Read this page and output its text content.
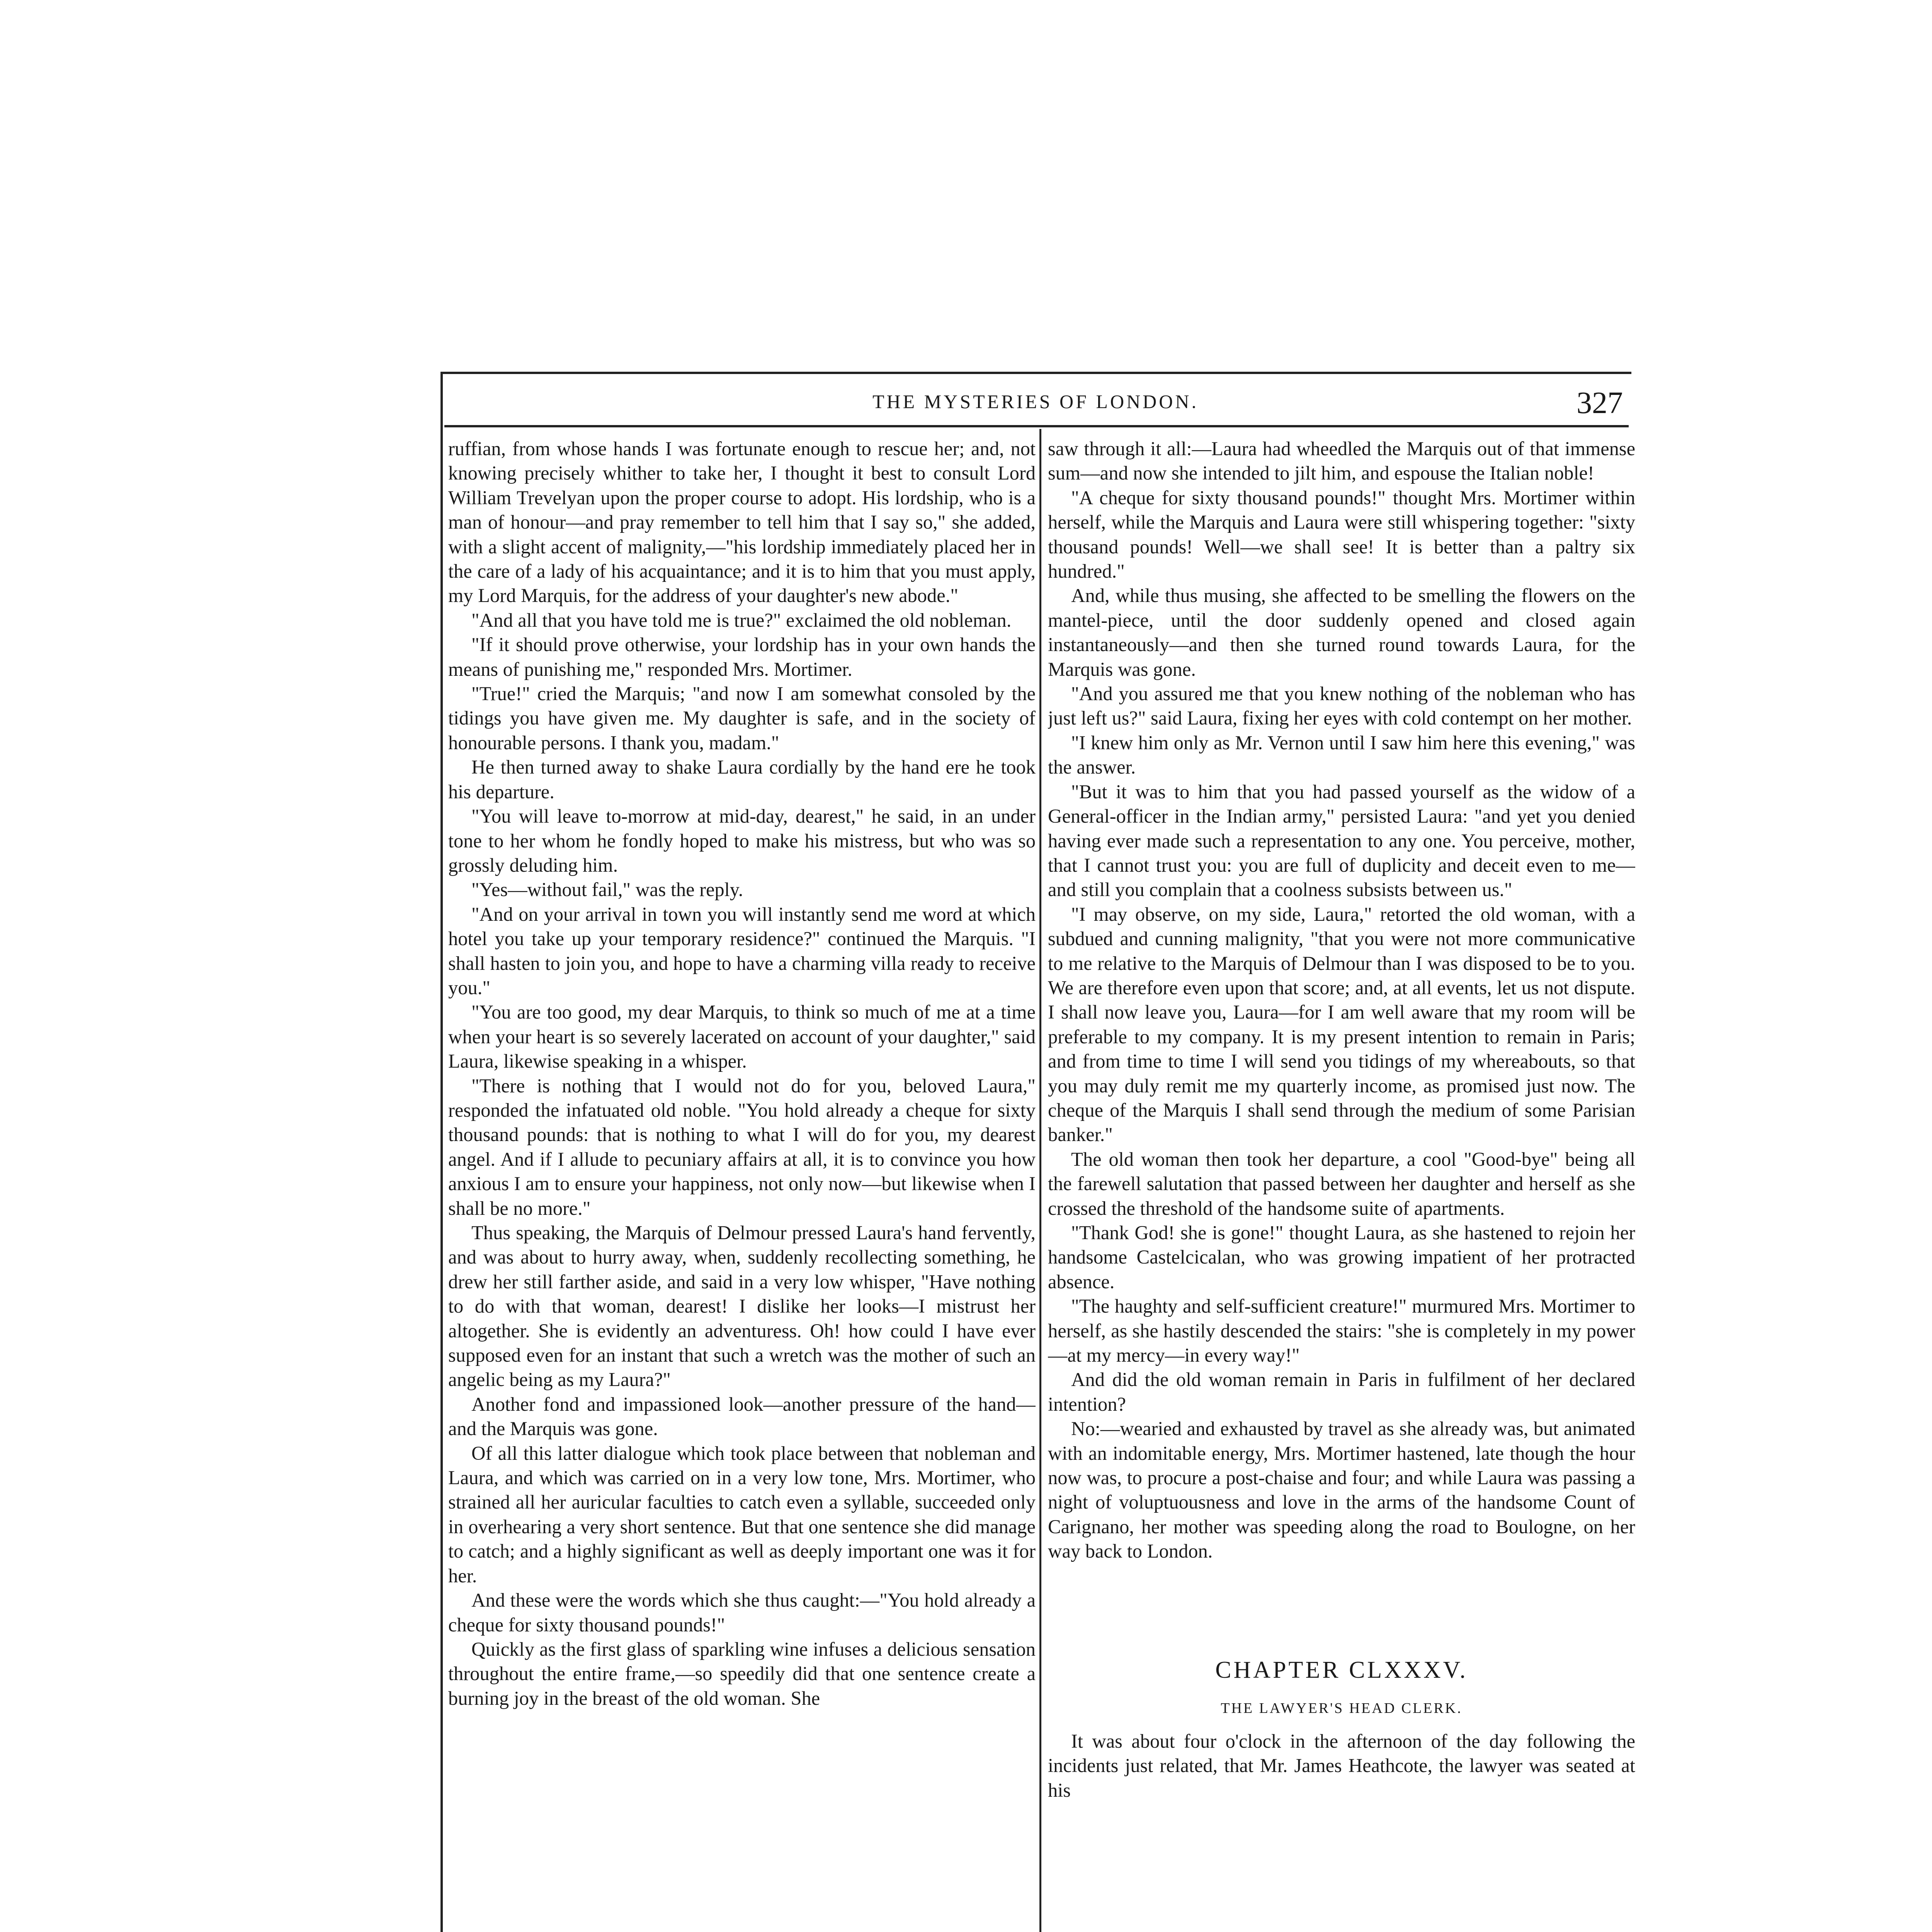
THE MYSTERIES OF LONDON.	327

ruffian, from whose hands I was fortunate enough to rescue her; and, not knowing precisely whither to take her, I thought it best to consult Lord William Trevelyan upon the proper course to adopt. His lordship, who is a man of honour—and pray remember to tell him that I say so," she added, with a slight accent of malignity,—"his lordship immediately placed her in the care of a lady of his acquaintance; and it is to him that you must apply, my Lord Marquis, for the address of your daughter's new abode."

"And all that you have told me is true?" exclaimed the old nobleman.

"If it should prove otherwise, your lordship has in your own hands the means of punishing me," responded Mrs. Mortimer.

"True!" cried the Marquis; "and now I am somewhat consoled by the tidings you have given me. My daughter is safe, and in the society of honourable persons. I thank you, madam."

He then turned away to shake Laura cordially by the hand ere he took his departure.

"You will leave to-morrow at mid-day, dearest," he said, in an under tone to her whom he fondly hoped to make his mistress, but who was so grossly deluding him.

"Yes—without fail," was the reply.

"And on your arrival in town you will instantly send me word at which hotel you take up your temporary residence?" continued the Marquis. "I shall hasten to join you, and hope to have a charming villa ready to receive you."

"You are too good, my dear Marquis, to think so much of me at a time when your heart is so severely lacerated on account of your daughter," said Laura, likewise speaking in a whisper.

"There is nothing that I would not do for you, beloved Laura," responded the infatuated old noble. "You hold already a cheque for sixty thousand pounds: that is nothing to what I will do for you, my dearest angel. And if I allude to pecuniary affairs at all, it is to convince you how anxious I am to ensure your happiness, not only now—but likewise when I shall be no more."

Thus speaking, the Marquis of Delmour pressed Laura's hand fervently, and was about to hurry away, when, suddenly recollecting something, he drew her still farther aside, and said in a very low whisper, "Have nothing to do with that woman, dearest! I dislike her looks—I mistrust her altogether. She is evidently an adventuress. Oh! how could I have ever supposed even for an instant that such a wretch was the mother of such an angelic being as my Laura?"

Another fond and impassioned look—another pressure of the hand—and the Marquis was gone.

Of all this latter dialogue which took place between that nobleman and Laura, and which was carried on in a very low tone, Mrs. Mortimer, who strained all her auricular faculties to catch even a syllable, succeeded only in overhearing a very short sentence. But that one sentence she did manage to catch; and a highly significant as well as deeply important one was it for her.

And these were the words which she thus caught:—"You hold already a cheque for sixty thousand pounds!"

Quickly as the first glass of sparkling wine infuses a delicious sensation throughout the entire frame,—so speedily did that one sentence create a burning joy in the breast of the old woman. She

saw through it all:—Laura had wheedled the Marquis out of that immense sum—and now she intended to jilt him, and espouse the Italian noble!

"A cheque for sixty thousand pounds!" thought Mrs. Mortimer within herself, while the Marquis and Laura were still whispering together: "sixty thousand pounds! Well—we shall see! It is better than a paltry six hundred."

And, while thus musing, she affected to be smelling the flowers on the mantel-piece, until the door suddenly opened and closed again instantaneously—and then she turned round towards Laura, for the Marquis was gone.

"And you assured me that you knew nothing of the nobleman who has just left us?" said Laura, fixing her eyes with cold contempt on her mother.

"I knew him only as Mr. Vernon until I saw him here this evening," was the answer.

"But it was to him that you had passed yourself as the widow of a General-officer in the Indian army," persisted Laura: "and yet you denied having ever made such a representation to any one. You perceive, mother, that I cannot trust you: you are full of duplicity and deceit even to me—and still you complain that a coolness subsists between us."

"I may observe, on my side, Laura," retorted the old woman, with a subdued and cunning malignity, "that you were not more communicative to me relative to the Marquis of Delmour than I was disposed to be to you. We are therefore even upon that score; and, at all events, let us not dispute. I shall now leave you, Laura—for I am well aware that my room will be preferable to my company. It is my present intention to remain in Paris; and from time to time I will send you tidings of my whereabouts, so that you may duly remit me my quarterly income, as promised just now. The cheque of the Marquis I shall send through the medium of some Parisian banker."

The old woman then took her departure, a cool "Good-bye" being all the farewell salutation that passed between her daughter and herself as she crossed the threshold of the handsome suite of apartments.

"Thank God! she is gone!" thought Laura, as she hastened to rejoin her handsome Castelcicalan, who was growing impatient of her protracted absence.

"The haughty and self-sufficient creature!" murmured Mrs. Mortimer to herself, as she hastily descended the stairs: "she is completely in my power—at my mercy—in every way!"

And did the old woman remain in Paris in fulfilment of her declared intention?

No:—wearied and exhausted by travel as she already was, but animated with an indomitable energy, Mrs. Mortimer hastened, late though the hour now was, to procure a post-chaise and four; and while Laura was passing a night of voluptuousness and love in the arms of the handsome Count of Carignano, her mother was speeding along the road to Boulogne, on her way back to London.

CHAPTER CLXXXV.

THE LAWYER'S HEAD CLERK.

It was about four o'clock in the afternoon of the day following the incidents just related, that Mr. James Heathcote, the lawyer was seated at his
